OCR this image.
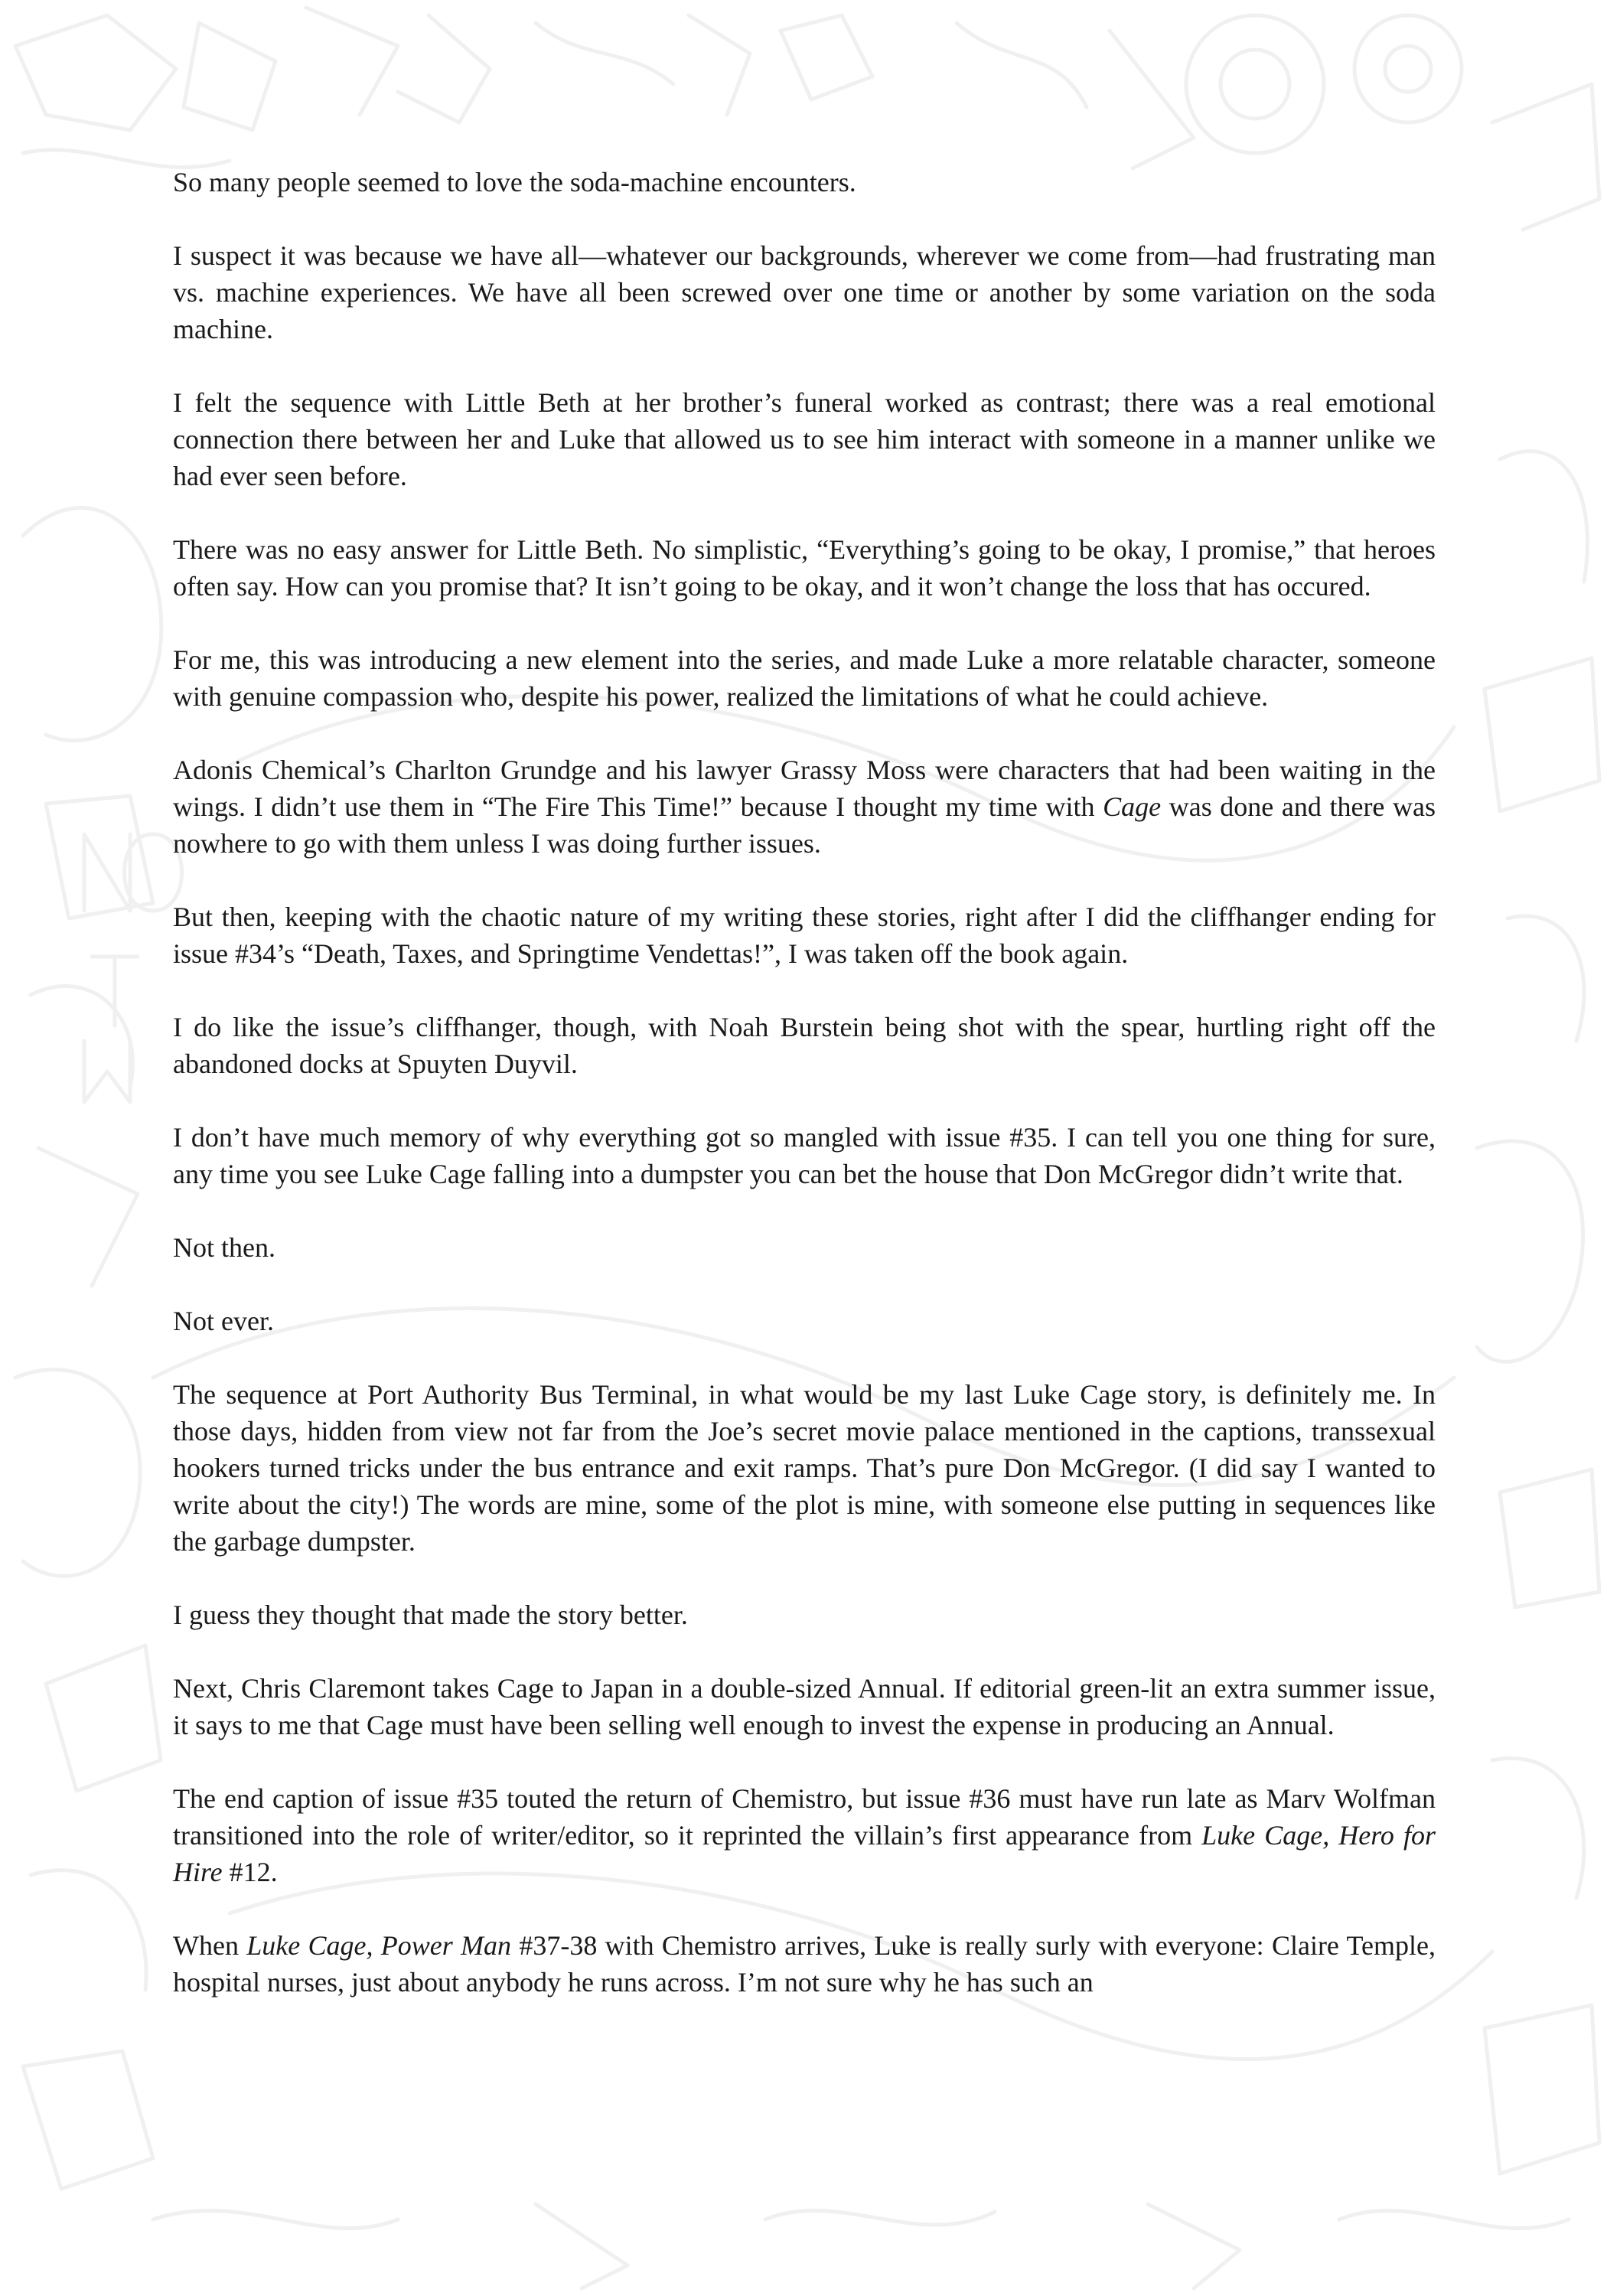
So many people seemed to love the soda-machine encounters.

I suspect it was because we have all—whatever our backgrounds, wherever we come from—had frustrating man vs. machine experiences. We have all been screwed over one time or another by some variation on the soda machine.

I felt the sequence with Little Beth at her brother’s funeral worked as contrast; there was a real emotional connection there between her and Luke that allowed us to see him interact with someone in a manner unlike we had ever seen before.

There was no easy answer for Little Beth. No simplistic, “Everything’s going to be okay, I promise,” that heroes often say. How can you promise that? It isn’t going to be okay, and it won’t change the loss that has occured.

For me, this was introducing a new element into the series, and made Luke a more relatable character, someone with genuine compassion who, despite his power, realized the limitations of what he could achieve.

Adonis Chemical’s Charlton Grundge and his lawyer Grassy Moss were characters that had been waiting in the wings. I didn’t use them in “The Fire This Time!” because I thought my time with Cage was done and there was nowhere to go with them unless I was doing further issues.

But then, keeping with the chaotic nature of my writing these stories, right after I did the cliffhanger ending for issue #34’s “Death, Taxes, and Springtime Vendettas!”, I was taken off the book again.

I do like the issue’s cliffhanger, though, with Noah Burstein being shot with the spear, hurtling right off the abandoned docks at Spuyten Duyvil.

I don’t have much memory of why everything got so mangled with issue #35. I can tell you one thing for sure, any time you see Luke Cage falling into a dumpster you can bet the house that Don McGregor didn’t write that.

Not then.

Not ever.

The sequence at Port Authority Bus Terminal, in what would be my last Luke Cage story, is definitely me. In those days, hidden from view not far from the Joe’s secret movie palace mentioned in the captions, transsexual hookers turned tricks under the bus entrance and exit ramps. That’s pure Don McGregor. (I did say I wanted to write about the city!) The words are mine, some of the plot is mine, with someone else putting in sequences like the garbage dumpster.

I guess they thought that made the story better.

Next, Chris Claremont takes Cage to Japan in a double-sized Annual. If editorial green-lit an extra summer issue, it says to me that Cage must have been selling well enough to invest the expense in producing an Annual.

The end caption of issue #35 touted the return of Chemistro, but issue #36 must have run late as Marv Wolfman transitioned into the role of writer/editor, so it reprinted the villain’s first appearance from Luke Cage, Hero for Hire #12.

When Luke Cage, Power Man #37-38 with Chemistro arrives, Luke is really surly with everyone: Claire Temple, hospital nurses, just about anybody he runs across. I’m not sure why he has such an
